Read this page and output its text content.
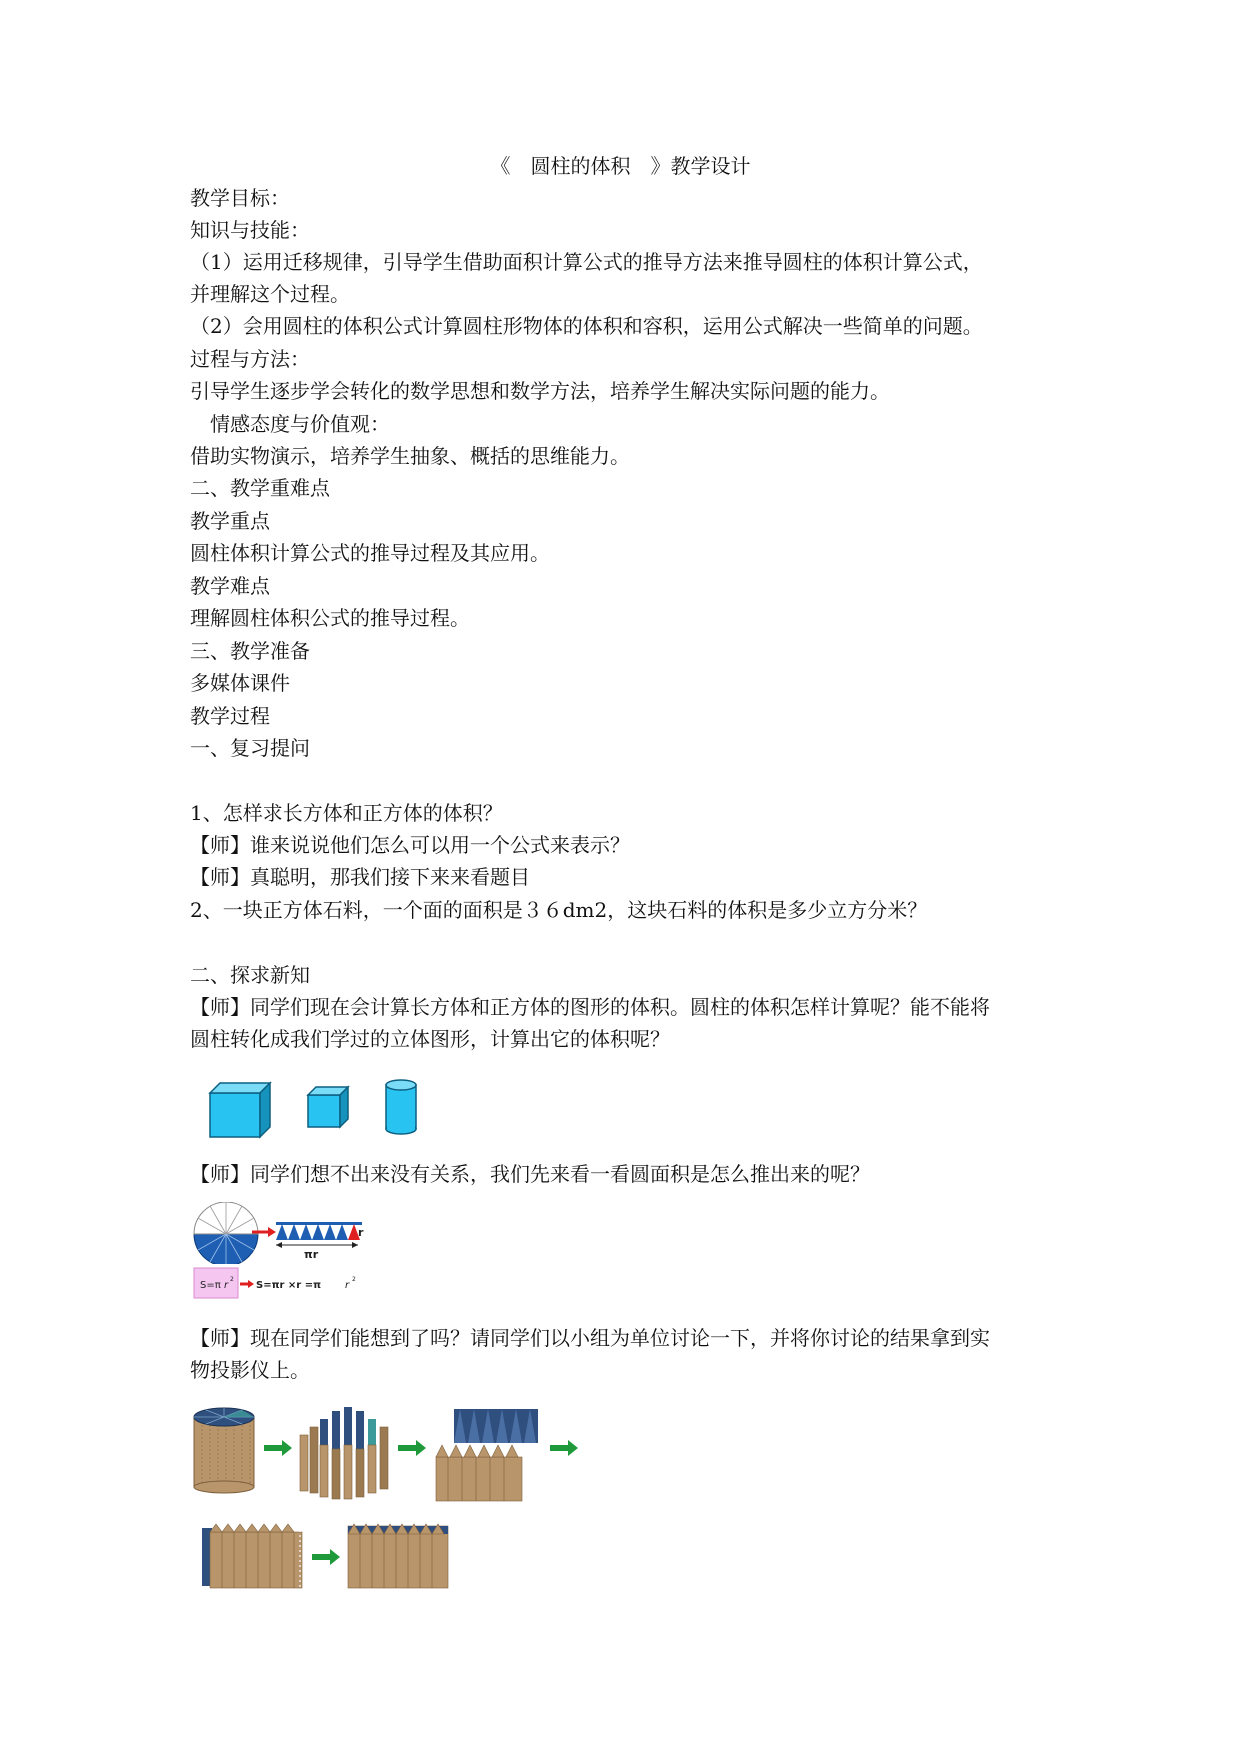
《　圆柱的体积　》教学设计
教学目标：
知识与技能：
（1）运用迁移规律，引导学生借助面积计算公式的推导方法来推导圆柱的体积计算公式，
并理解这个过程。
（2）会用圆柱的体积公式计算圆柱形物体的体积和容积，运用公式解决一些简单的问题。
过程与方法：
引导学生逐步学会转化的数学思想和数学方法，培养学生解决实际问题的能力。
　情感态度与价值观：
借助实物演示，培养学生抽象、概括的思维能力。
二、教学重难点
教学重点
圆柱体积计算公式的推导过程及其应用。
教学难点
理解圆柱体积公式的推导过程。
三、教学准备
多媒体课件
教学过程
一、复习提问
1、怎样求长方体和正方体的体积？
【师】谁来说说他们怎么可以用一个公式来表示？
【师】真聪明，那我们接下来来看题目
2、一块正方体石料，一个面的面积是３６dm2，这块石料的体积是多少立方分米？
二、探求新知
【师】同学们现在会计算长方体和正方体的图形的体积。圆柱的体积怎样计算呢？能不能将
圆柱转化成我们学过的立体图形，计算出它的体积呢？
【师】同学们想不出来没有关系，我们先来看一看圆面积是怎么推出来的呢？
πr
r
S=π r
2
S=πr ×r =π r
2
【师】现在同学们能想到了吗？请同学们以小组为单位讨论一下，并将你讨论的结果拿到实
物投影仪上。
